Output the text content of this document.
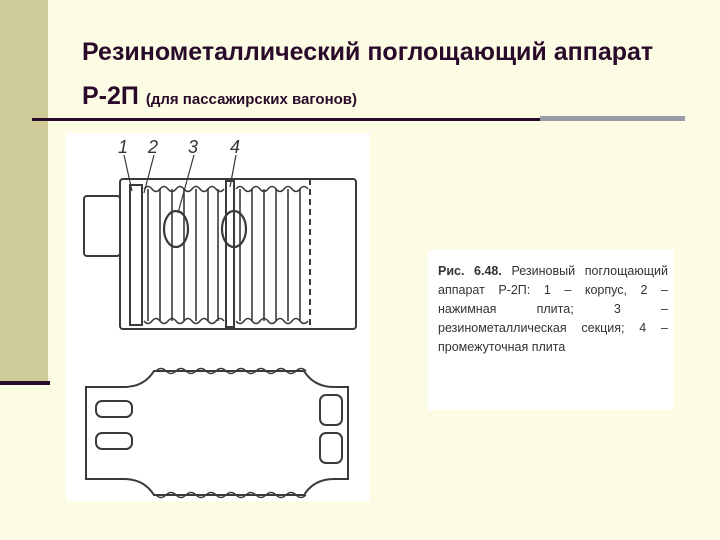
Резинометаллический поглощающий аппарат Р-2П (для пассажирских вагонов)
1 2 3 4

Рис. 6.48. Резиновый поглощающий аппарат Р-2П: 1 – корпус, 2 – нажимная плита; 3 – резинометаллическая секция; 4 – промежуточная плита
